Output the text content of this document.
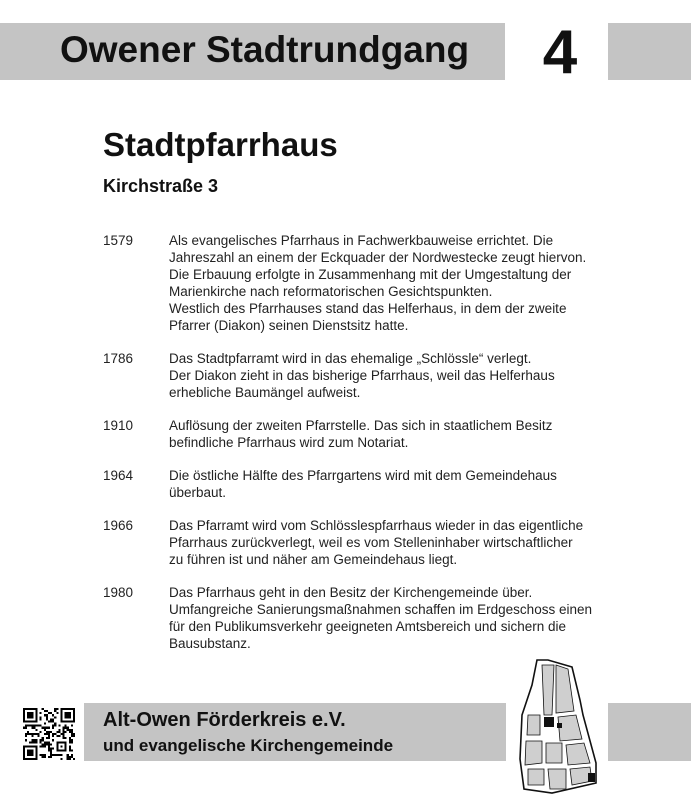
Owener Stadtrundgang 4
Stadtpfarrhaus
Kirchstraße 3
1579	Als evangelisches Pfarrhaus in Fachwerkbauweise errichtet. Die
Jahreszahl an einem der Eckquader der Nordwestecke zeugt hiervon.
Die Erbauung erfolgte in Zusammenhang mit der Umgestaltung der
Marienkirche nach reformatorischen Gesichtspunkten.
Westlich des Pfarrhauses stand das Helferhaus, in dem der zweite
Pfarrer (Diakon) seinen Dienstsitz hatte.
1786	Das Stadtpfarramt wird in das ehemalige „Schlössle“ verlegt.
Der Diakon zieht in das bisherige Pfarrhaus, weil das Helferhaus
erhebliche Baumängel aufweist.
1910	Auflösung der zweiten Pfarrstelle. Das sich in staatlichem Besitz
befindliche Pfarrhaus wird zum Notariat.
1964	Die östliche Hälfte des Pfarrgartens wird mit dem Gemeindehaus
überbaut.
1966	Das Pfarramt wird vom Schlösslespfarrhaus wieder in das eigentliche
Pfarrhaus zurückverlegt, weil es vom Stelleninhaber wirtschaftlicher
zu führen ist und näher am Gemeindehaus liegt.
1980	Das Pfarrhaus geht in den Besitz der Kirchengemeinde über.
Umfangreiche Sanierungsmaßnahmen schaffen im Erdgeschoss einen
für den Publikumsverkehr geeigneten Amtsbereich und sichern die
Bausubstanz.
Alt-Owen Förderkreis e.V.
und evangelische Kirchengemeinde
